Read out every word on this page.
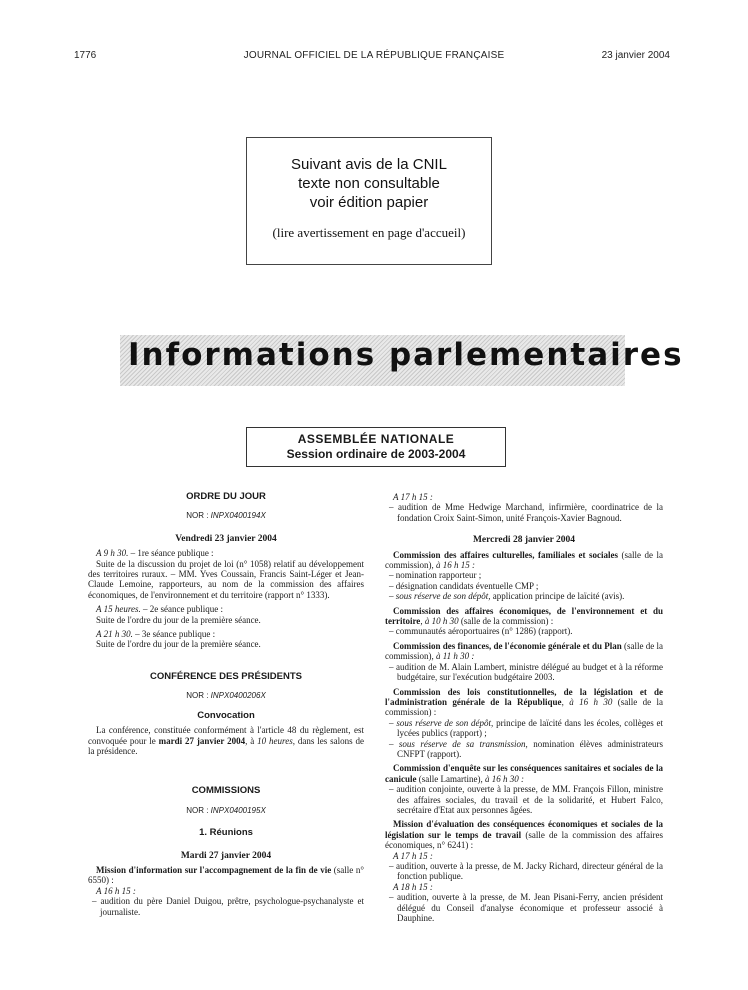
1776	JOURNAL OFFICIEL DE LA RÉPUBLIQUE FRANÇAISE	23 janvier 2004
Suivant avis de la CNIL
texte non consultable
voir édition papier
(lire avertissement en page d'accueil)
Informations parlementaires
ASSEMBLÉE NATIONALE
Session ordinaire de 2003-2004
ORDRE DU JOUR
NOR : INPX0400194X
Vendredi 23 janvier 2004

A 9 h 30. – 1re séance publique :

Suite de la discussion du projet de loi (n° 1058) relatif au développement des territoires ruraux. – MM. Yves Coussain, Francis Saint-Léger et Jean-Claude Lemoine, rapporteurs, au nom de la commission des affaires économiques, de l'environnement et du territoire (rapport n° 1333).

A 15 heures. – 2e séance publique :

Suite de l'ordre du jour de la première séance.

A 21 h 30. – 3e séance publique :

Suite de l'ordre du jour de la première séance.

CONFÉRENCE DES PRÉSIDENTS
NOR : INPX0400206X
Convocation

La conférence, constituée conformément à l'article 48 du règlement, est convoquée pour le mardi 27 janvier 2004, à 10 heures, dans les salons de la présidence.

COMMISSIONS
NOR : INPX0400195X
1. Réunions
Mardi 27 janvier 2004

Mission d'information sur l'accompagnement de la fin de vie (salle n° 6550) :

A 16 h 15 :

– audition du père Daniel Duigou, prêtre, psychologue-psychanalyste et journaliste.

A 17 h 15 :

– audition de Mme Hedwige Marchand, infirmière, coordinatrice de la fondation Croix Saint-Simon, unité François-Xavier Bagnoud.

Mercredi 28 janvier 2004

Commission des affaires culturelles, familiales et sociales (salle de la commission), à 16 h 15 :

– nomination rapporteur ;

– désignation candidats éventuelle CMP ;

– sous réserve de son dépôt, application principe de laïcité (avis).

Commission des affaires économiques, de l'environnement et du territoire, à 10 h 30 (salle de la commission) :

– communautés aéroportuaires (n° 1286) (rapport).

Commission des finances, de l'économie générale et du Plan (salle de la commission), à 11 h 30 :

– audition de M. Alain Lambert, ministre délégué au budget et à la réforme budgétaire, sur l'exécution budgétaire 2003.

Commission des lois constitutionnelles, de la législation et de l'administration générale de la République, à 16 h 30 (salle de la commission) :

– sous réserve de son dépôt, principe de laïcité dans les écoles, collèges et lycées publics (rapport) ;

– sous réserve de sa transmission, nomination élèves administrateurs CNFPT (rapport).

Commission d'enquête sur les conséquences sanitaires et sociales de la canicule (salle Lamartine), à 16 h 30 :

– audition conjointe, ouverte à la presse, de MM. François Fillon, ministre des affaires sociales, du travail et de la solidarité, et Hubert Falco, secrétaire d'Etat aux personnes âgées.

Mission d'évaluation des conséquences économiques et sociales de la législation sur le temps de travail (salle de la commission des affaires économiques, n° 6241) :

A 17 h 15 :

– audition, ouverte à la presse, de M. Jacky Richard, directeur général de la fonction publique.

A 18 h 15 :

– audition, ouverte à la presse, de M. Jean Pisani-Ferry, ancien président délégué du Conseil d'analyse économique et professeur associé à Dauphine.
